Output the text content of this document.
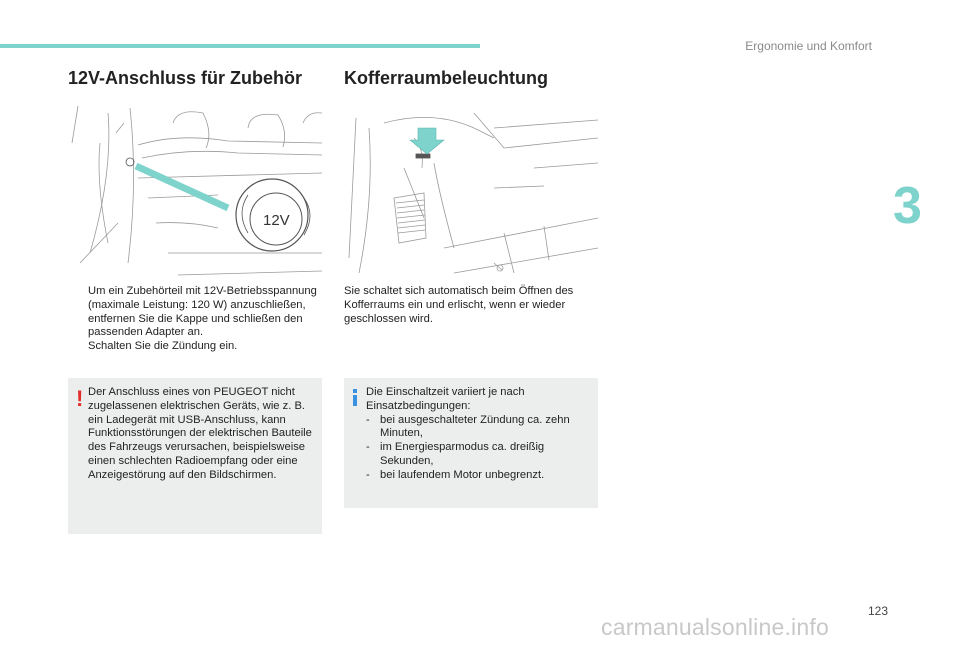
Ergonomie und Komfort
3
12V-Anschluss für Zubehör Kofferraumbeleuchtung
12V
Um ein Zubehörteil mit 12V-Betriebsspannung (maximale Leistung: 120 W) anzuschließen, entfernen Sie die Kappe und schließen den passenden Adapter an.
Schalten Sie die Zündung ein.
Sie schaltet sich automatisch beim Öffnen des Kofferraums ein und erlischt, wenn er wieder geschlossen wird.
! Der Anschluss eines von PEUGEOT nicht zugelassenen elektrischen Geräts, wie z. B. ein Ladegerät mit USB-Anschluss, kann Funktionsstörungen der elektrischen Bauteile des Fahrzeugs verursachen, beispielsweise einen schlechten Radioempfang oder eine Anzeigestörung auf den Bildschirmen.
Die Einschaltzeit variiert je nach Einsatzbedingungen:
- bei ausgeschalteter Zündung ca. zehn Minuten,
- im Energiesparmodus ca. dreißig Sekunden,
- bei laufendem Motor unbegrenzt.
123
carmanualsonline.info
